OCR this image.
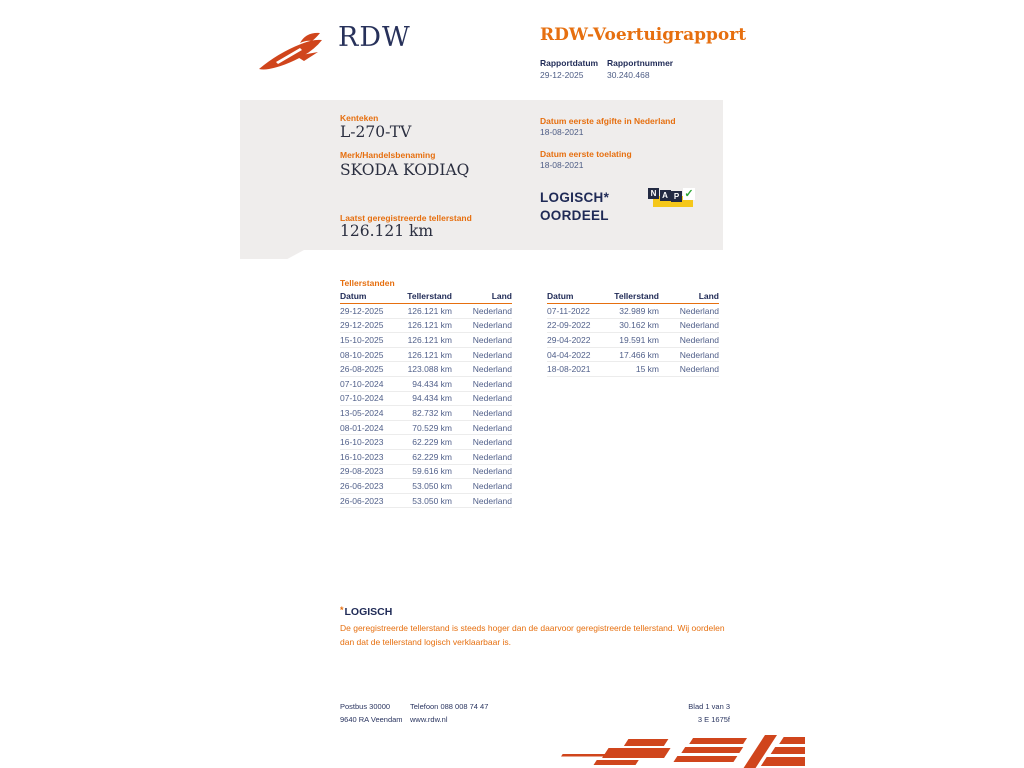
RDW	RDW-Voertuigrapport
Rapportdatum
29-12-2025
Rapportnummer
30.240.468
Kenteken
L-270-TV
Merk/Handelsbenaming
SKODA KODIAQ
Laatst geregistreerde tellerstand
126.121 km
Datum eerste afgifte in Nederland
18-08-2021
Datum eerste toelating
18-08-2021
LOGISCH*
OORDEEL
N A P ✓
Tellerstanden
Datum	Tellerstand	Land
29-12-2025	126.121 km	Nederland
29-12-2025	126.121 km	Nederland
15-10-2025	126.121 km	Nederland
08-10-2025	126.121 km	Nederland
26-08-2025	123.088 km	Nederland
07-10-2024	94.434 km	Nederland
07-10-2024	94.434 km	Nederland
13-05-2024	82.732 km	Nederland
08-01-2024	70.529 km	Nederland
16-10-2023	62.229 km	Nederland
16-10-2023	62.229 km	Nederland
29-08-2023	59.616 km	Nederland
26-06-2023	53.050 km	Nederland
26-06-2023	53.050 km	Nederland
Datum	Tellerstand	Land
07-11-2022	32.989 km	Nederland
22-09-2022	30.162 km	Nederland
29-04-2022	19.591 km	Nederland
04-04-2022	17.466 km	Nederland
18-08-2021	15 km	Nederland
*LOGISCH
De geregistreerde tellerstand is steeds hoger dan de daarvoor geregistreerde tellerstand. Wij oordelen dan dat de tellerstand logisch verklaarbaar is.
Postbus 30000
9640 RA Veendam
Telefoon 088 008 74 47
www.rdw.nl
Blad 1 van 3
3 E 1675f
